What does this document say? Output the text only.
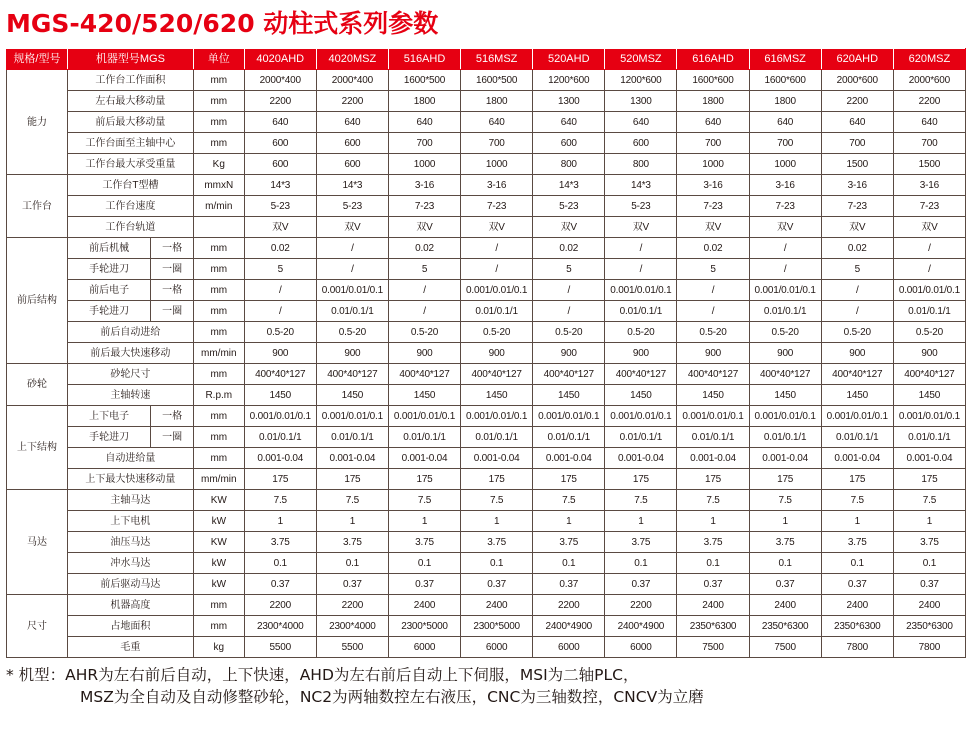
MGS-420/520/620 动柱式系列参数
规格/型号	机器型号MGS		单位	4020AHD	4020MSZ	516AHD	516MSZ	520AHD	520MSZ	616AHD	616MSZ	620AHD	620MSZ
能力	工作台工作面积		mm	2000*400	2000*400	1600*500	1600*500	1200*600	1200*600	1600*600	1600*600	2000*600	2000*600
	左右最大移动量		mm	2200	2200	1800	1800	1300	1300	1800	1800	2200	2200
	前后最大移动量		mm	640	640	640	640	640	640	640	640	640	640
	工作台面至主轴中心		mm	600	600	700	700	600	600	700	700	700	700
	工作台最大承受重量		Kg	600	600	1000	1000	800	800	1000	1000	1500	1500
工作台	工作台T型槽		mmxN	14*3	14*3	3-16	3-16	14*3	14*3	3-16	3-16	3-16	3-16
	工作台速度		m/min	5-23	5-23	7-23	7-23	5-23	5-23	7-23	7-23	7-23	7-23
	工作台轨道			双V	双V	双V	双V	双V	双V	双V	双V	双V	双V
前后结构	前后机械	一格	mm	0.02	/	0.02	/	0.02	/	0.02	/	0.02	/
	手轮进刀	一圈	mm	5	/	5	/	5	/	5	/	5	/
	前后电子	一格	mm	/	0.001/0.01/0.1	/	0.001/0.01/0.1	/	0.001/0.01/0.1	/	0.001/0.01/0.1	/	0.001/0.01/0.1
	手轮进刀	一圈	mm	/	0.01/0.1/1	/	0.01/0.1/1	/	0.01/0.1/1	/	0.01/0.1/1	/	0.01/0.1/1
	前后自动进给		mm	0.5-20	0.5-20	0.5-20	0.5-20	0.5-20	0.5-20	0.5-20	0.5-20	0.5-20	0.5-20
	前后最大快速移动		mm/min	900	900	900	900	900	900	900	900	900	900
砂轮	砂轮尺寸		mm	400*40*127	400*40*127	400*40*127	400*40*127	400*40*127	400*40*127	400*40*127	400*40*127	400*40*127	400*40*127
	主轴转速		R.p.m	1450	1450	1450	1450	1450	1450	1450	1450	1450	1450
上下结构	上下电子	一格	mm	0.001/0.01/0.1	0.001/0.01/0.1	0.001/0.01/0.1	0.001/0.01/0.1	0.001/0.01/0.1	0.001/0.01/0.1	0.001/0.01/0.1	0.001/0.01/0.1	0.001/0.01/0.1	0.001/0.01/0.1
	手轮进刀	一圈	mm	0.01/0.1/1	0.01/0.1/1	0.01/0.1/1	0.01/0.1/1	0.01/0.1/1	0.01/0.1/1	0.01/0.1/1	0.01/0.1/1	0.01/0.1/1	0.01/0.1/1
	自动进给量		mm	0.001-0.04	0.001-0.04	0.001-0.04	0.001-0.04	0.001-0.04	0.001-0.04	0.001-0.04	0.001-0.04	0.001-0.04	0.001-0.04
	上下最大快速移动量		mm/min	175	175	175	175	175	175	175	175	175	175
马达	主轴马达		KW	7.5	7.5	7.5	7.5	7.5	7.5	7.5	7.5	7.5	7.5
	上下电机		kW	1	1	1	1	1	1	1	1	1	1
	油压马达		KW	3.75	3.75	3.75	3.75	3.75	3.75	3.75	3.75	3.75	3.75
	冲水马达		kW	0.1	0.1	0.1	0.1	0.1	0.1	0.1	0.1	0.1	0.1
	前后驱动马达		kW	0.37	0.37	0.37	0.37	0.37	0.37	0.37	0.37	0.37	0.37
尺寸	机器高度		mm	2200	2200	2400	2400	2200	2200	2400	2400	2400	2400
	占地面积		mm	2300*4000	2300*4000	2300*5000	2300*5000	2400*4900	2400*4900	2350*6300	2350*6300	2350*6300	2350*6300
	毛重		kg	5500	5500	6000	6000	6000	6000	7500	7500	7800	7800
* 机型：AHR为左右前后自动，上下快速，AHD为左右前后自动上下伺服，MSI为二轴PLC，
MSZ为全自动及自动修整砂轮，NC2为两轴数控左右液压，CNC为三轴数控，CNCV为立磨
